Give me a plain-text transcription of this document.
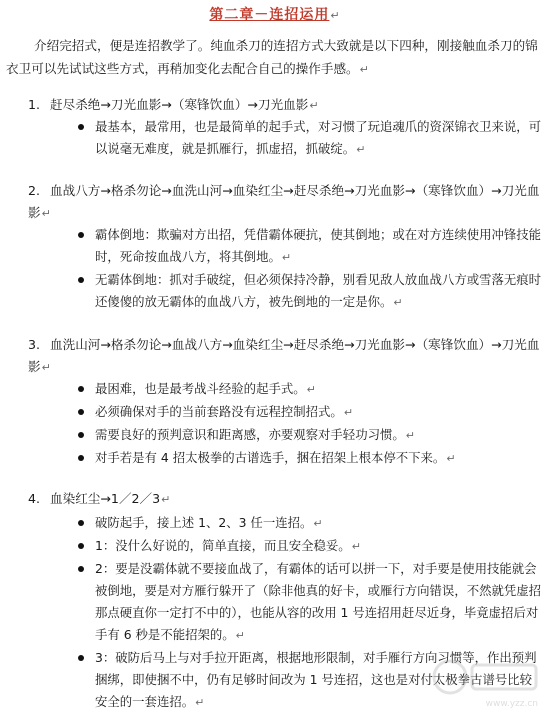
第二章－连招运用↵
介绍完招式，便是连招教学了。纯血杀刀的连招方式大致就是以下四种，刚接触血杀刀的锦衣卫可以先试试这些方式，再稍加变化去配合自己的操作手感。↵
1. 赶尽杀绝→刀光血影→（寒锋饮血）→刀光血影↵
最基本，最常用，也是最简单的起手式，对习惯了玩追魂爪的资深锦衣卫来说，可以说毫无难度，就是抓雁行，抓虚招，抓破绽。↵
2. 血战八方→格杀勿论→血洗山河→血染红尘→赶尽杀绝→刀光血影→（寒锋饮血）→刀光血影↵
霸体倒地：欺骗对方出招，凭借霸体硬抗，使其倒地；或在对方连续使用冲锋技能时，死命按血战八方，将其倒地。↵
无霸体倒地：抓对手破绽，但必须保持冷静，别看见敌人放血战八方或雪落无痕时还傻傻的放无霸体的血战八方，被先倒地的一定是你。↵
3. 血洗山河→格杀勿论→血战八方→血染红尘→赶尽杀绝→刀光血影→（寒锋饮血）→刀光血影↵
最困难，也是最考战斗经验的起手式。↵
必须确保对手的当前套路没有远程控制招式。↵
需要良好的预判意识和距离感，亦要观察对手轻功习惯。↵
对手若是有 4 招太极拳的古谱选手，捆在招架上根本停不下来。↵
4. 血染红尘→1／2／3↵
破防起手，接上述 1、2、3 任一连招。↵
1：没什么好说的，简单直接，而且安全稳妥。↵
2：要是没霸体就不要接血战了，有霸体的话可以拼一下，对手要是使用技能就会被倒地，要是对方雁行躲开了（除非他真的好卡，或雁行方向错误，不然就凭虚招那点硬直你一定打不中的），也能从容的改用 1 号连招用赶尽近身，毕竟虚招后对手有 6 秒是不能招架的。↵
3：破防后马上与对手拉开距离，根据地形限制，对手雁行方向习惯等，作出预判捆绑，即使捆不中，仍有足够时间改为 1 号连招，这也是对付太极拳古谱号比较安全的一套连招。↵	www.yzz.cn
